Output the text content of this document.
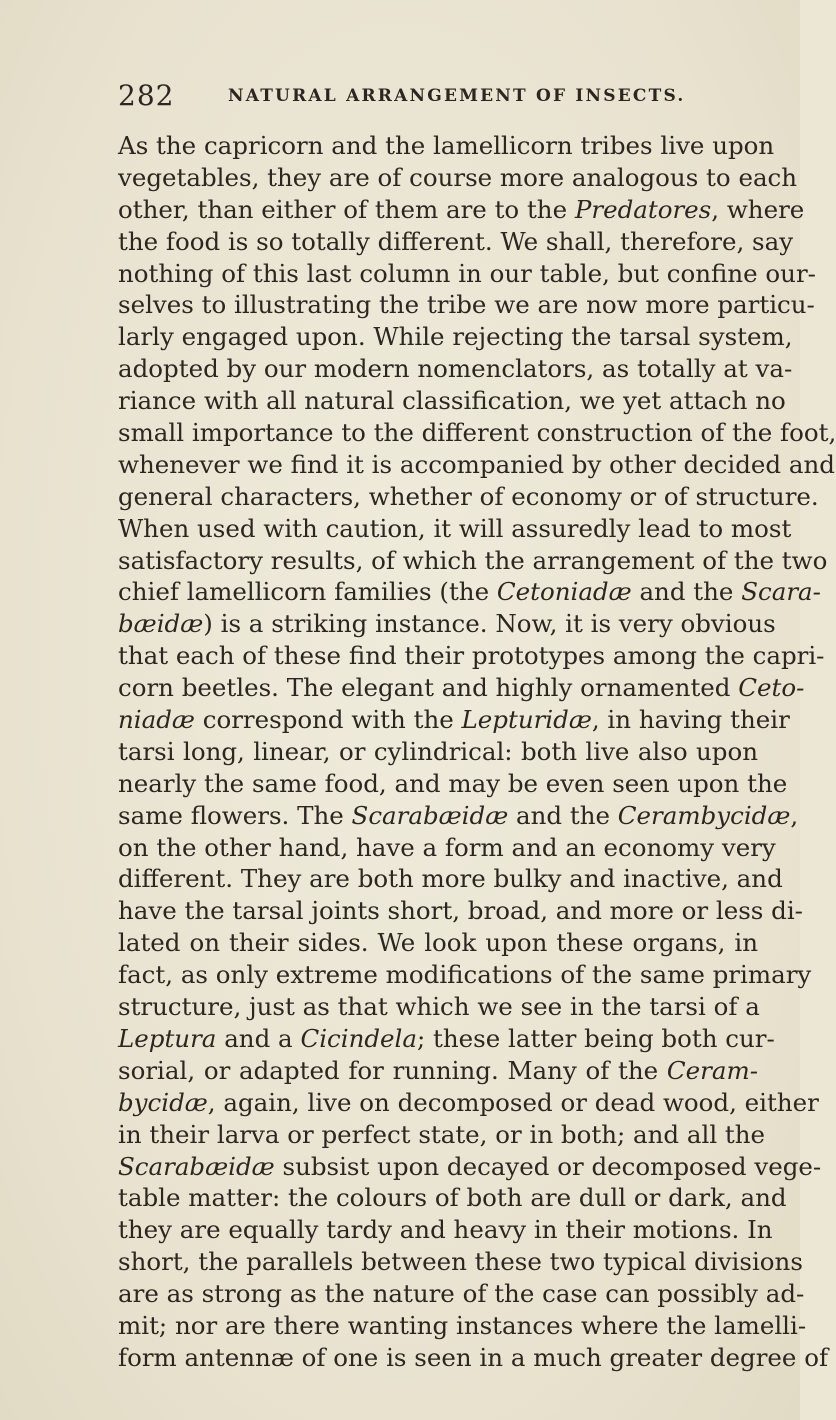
282	NATURAL ARRANGEMENT OF INSECTS.
As the capricorn and the lamellicorn tribes live upon
vegetables, they are of course more analogous to each
other, than either of them are to the Predatores, where
the food is so totally different. We shall, therefore, say
nothing of this last column in our table, but confine our-
selves to illustrating the tribe we are now more particu-
larly engaged upon. While rejecting the tarsal system,
adopted by our modern nomenclators, as totally at va-
riance with all natural classification, we yet attach no
small importance to the different construction of the foot,
whenever we find it is accompanied by other decided and
general characters, whether of economy or of structure.
When used with caution, it will assuredly lead to most
satisfactory results, of which the arrangement of the two
chief lamellicorn families (the Cetoniadæ and the Scara-
bæidæ) is a striking instance. Now, it is very obvious
that each of these find their prototypes among the capri-
corn beetles. The elegant and highly ornamented Ceto-
niadæ correspond with the Lepturidæ, in having their
tarsi long, linear, or cylindrical: both live also upon
nearly the same food, and may be even seen upon the
same flowers. The Scarabæidæ and the Cerambycidæ,
on the other hand, have a form and an economy very
different. They are both more bulky and inactive, and
have the tarsal joints short, broad, and more or less di-
lated on their sides. We look upon these organs, in
fact, as only extreme modifications of the same primary
structure, just as that which we see in the tarsi of a
Leptura and a Cicindela; these latter being both cur-
sorial, or adapted for running. Many of the Ceram-
bycidæ, again, live on decomposed or dead wood, either
in their larva or perfect state, or in both; and all the
Scarabæidæ subsist upon decayed or decomposed vege-
table matter: the colours of both are dull or dark, and
they are equally tardy and heavy in their motions. In
short, the parallels between these two typical divisions
are as strong as the nature of the case can possibly ad-
mit; nor are there wanting instances where the lamelli-
form antennæ of one is seen in a much greater degree of
